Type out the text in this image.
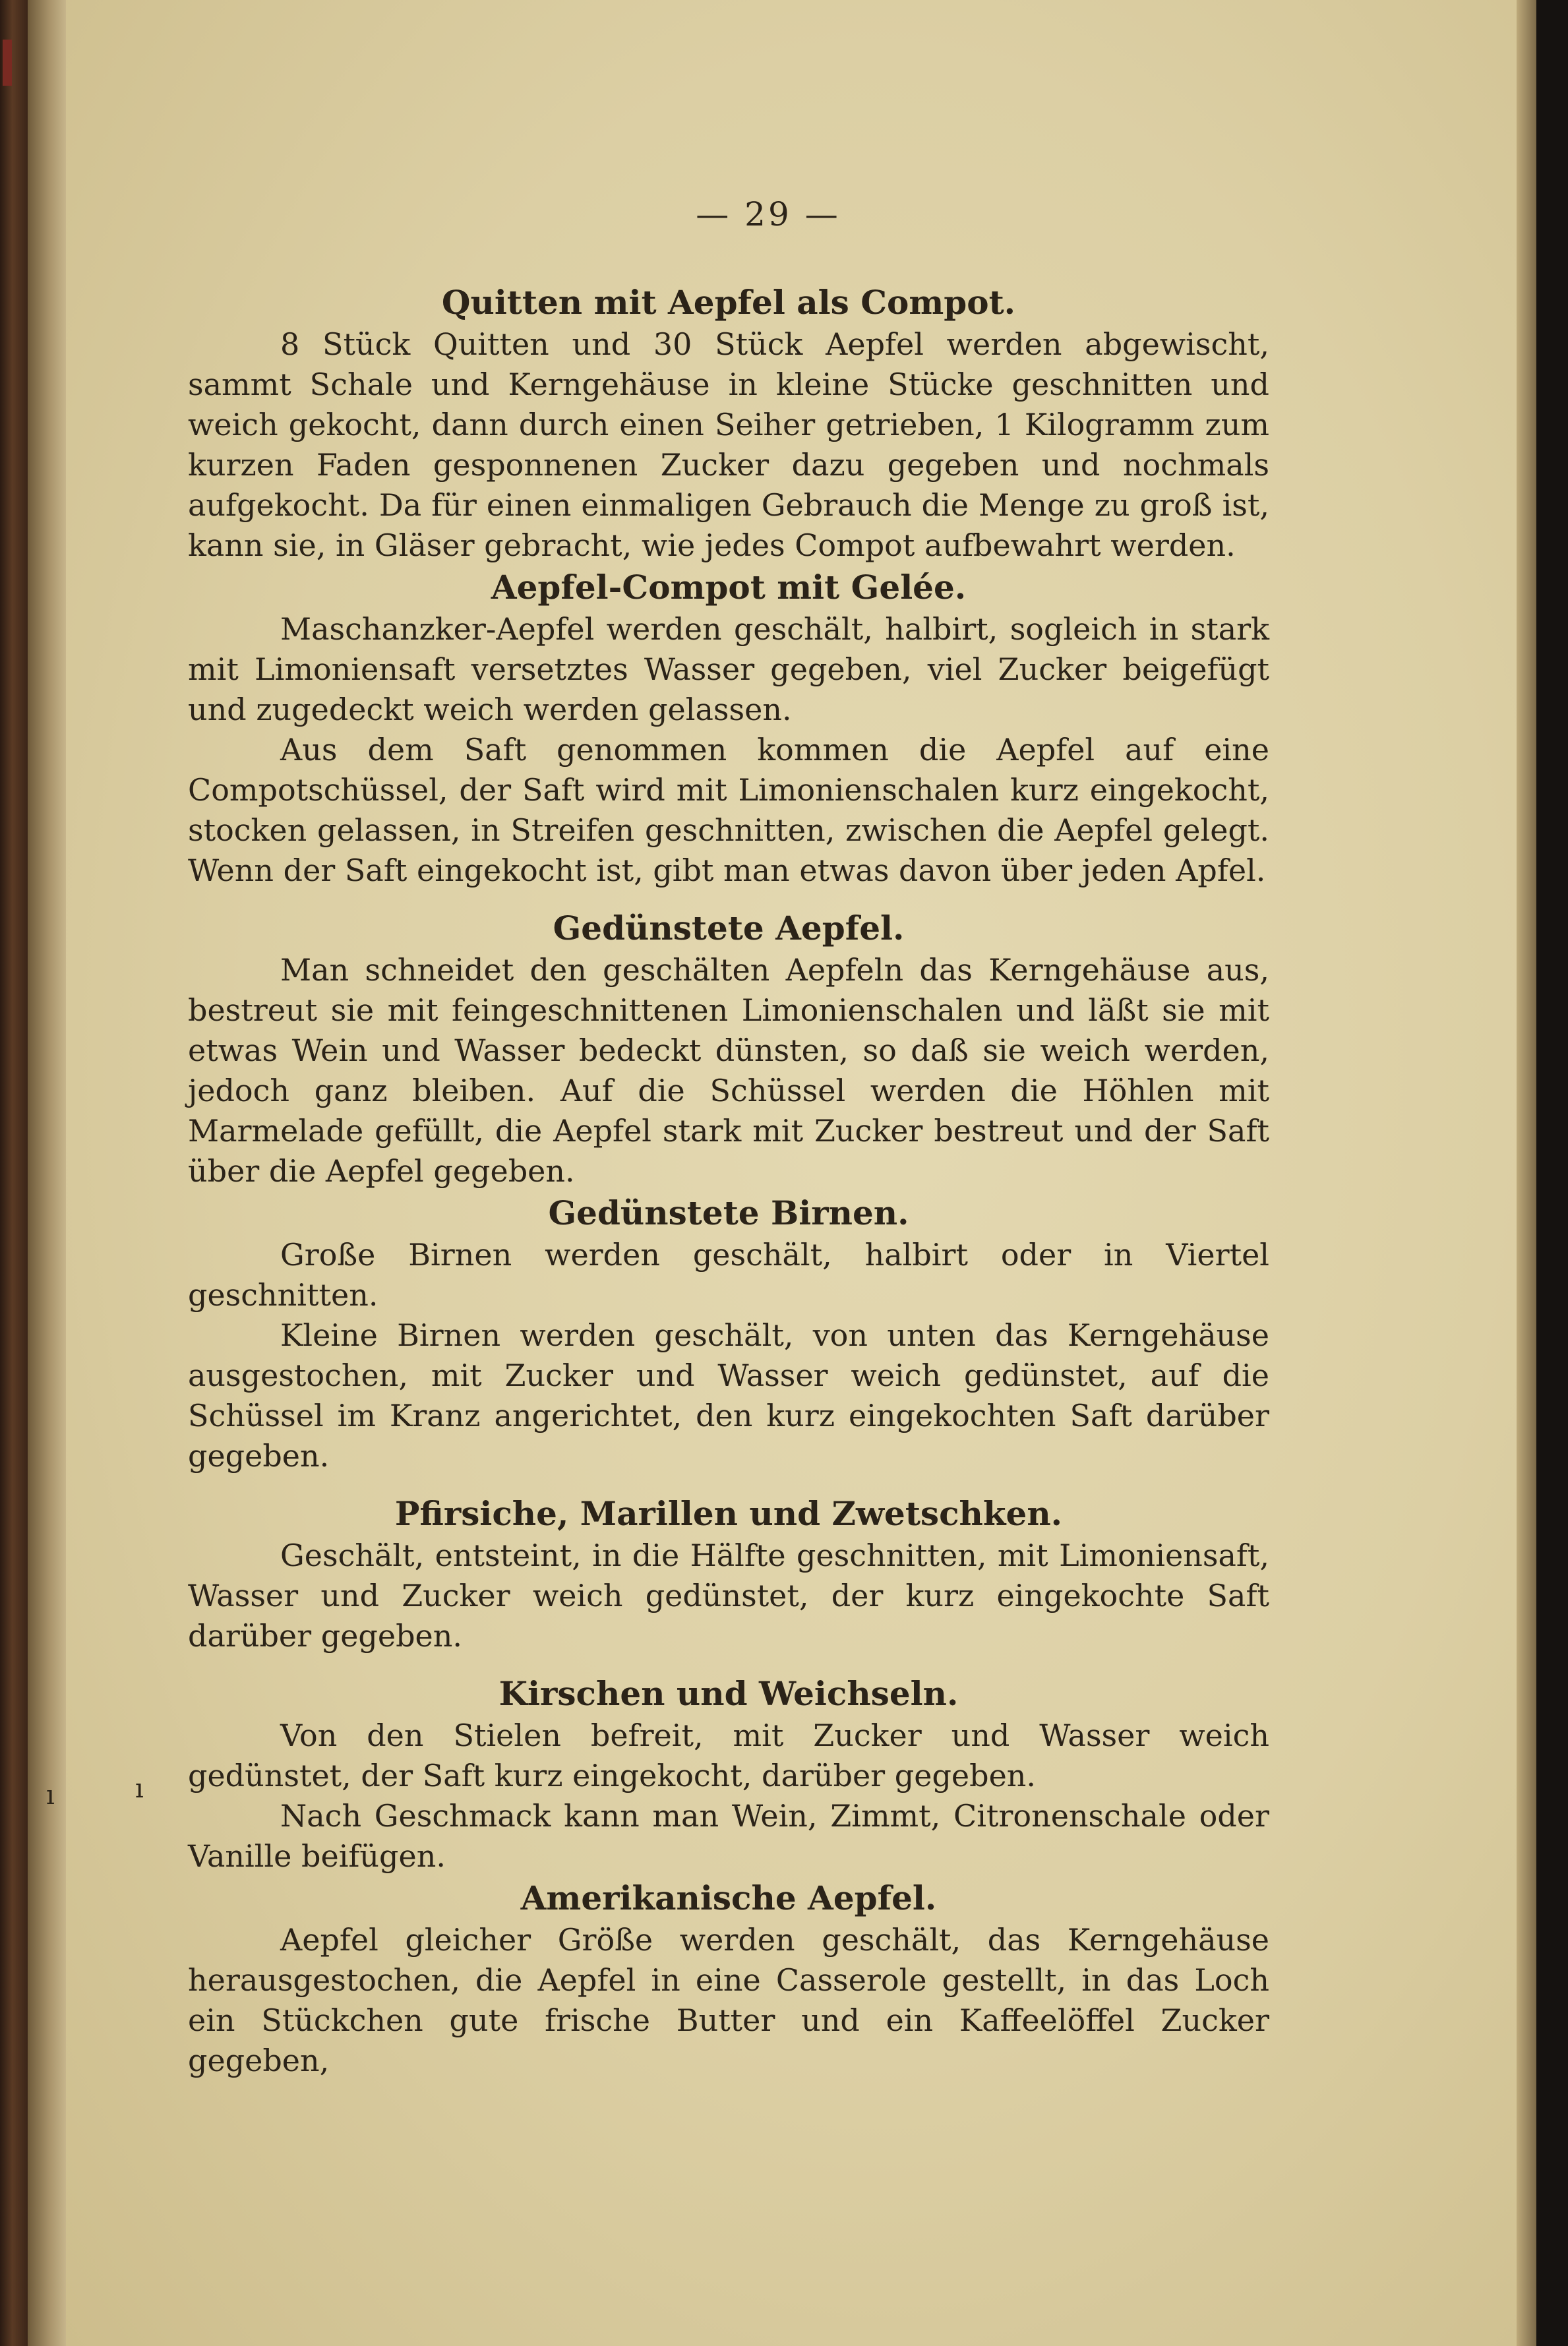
ı	ı
— 29 —
Quitten mit Aepfel als Compot.

8 Stück Quitten und 30 Stück Aepfel werden abgewischt, sammt Schale und Kerngehäuse in kleine Stücke geschnitten und weich gekocht, dann durch einen Seiher getrieben, 1 Kilogramm zum kurzen Faden gesponnenen Zucker dazu gegeben und nochmals aufgekocht. Da für einen einmaligen Gebrauch die Menge zu groß ist, kann sie, in Gläser gebracht, wie jedes Compot aufbewahrt werden.

Aepfel-Compot mit Gelée.

Maschanzker-Aepfel werden geschält, halbirt, sogleich in stark mit Limoniensaft versetztes Wasser gegeben, viel Zucker beigefügt und zugedeckt weich werden gelassen.

Aus dem Saft genommen kommen die Aepfel auf eine Compotschüssel, der Saft wird mit Limonienschalen kurz eingekocht, stocken gelassen, in Streifen geschnitten, zwischen die Aepfel gelegt. Wenn der Saft eingekocht ist, gibt man etwas davon über jeden Apfel.

Gedünstete Aepfel.

Man schneidet den geschälten Aepfeln das Kerngehäuse aus, bestreut sie mit feingeschnittenen Limonienschalen und läßt sie mit etwas Wein und Wasser bedeckt dünsten, so daß sie weich werden, jedoch ganz bleiben. Auf die Schüssel werden die Höhlen mit Marmelade gefüllt, die Aepfel stark mit Zucker bestreut und der Saft über die Aepfel gegeben.

Gedünstete Birnen.

Große Birnen werden geschält, halbirt oder in Viertel geschnitten.

Kleine Birnen werden geschält, von unten das Kerngehäuse ausgestochen, mit Zucker und Wasser weich gedünstet, auf die Schüssel im Kranz angerichtet, den kurz eingekochten Saft darüber gegeben.

Pfirsiche, Marillen und Zwetschken.

Geschält, entsteint, in die Hälfte geschnitten, mit Limoniensaft, Wasser und Zucker weich gedünstet, der kurz eingekochte Saft darüber gegeben.

Kirschen und Weichseln.

Von den Stielen befreit, mit Zucker und Wasser weich gedünstet, der Saft kurz eingekocht, darüber gegeben.

Nach Geschmack kann man Wein, Zimmt, Citronenschale oder Vanille beifügen.

Amerikanische Aepfel.

Aepfel gleicher Größe werden geschält, das Kerngehäuse herausgestochen, die Aepfel in eine Casserole gestellt, in das Loch ein Stückchen gute frische Butter und ein Kaffeelöffel Zucker gegeben,
